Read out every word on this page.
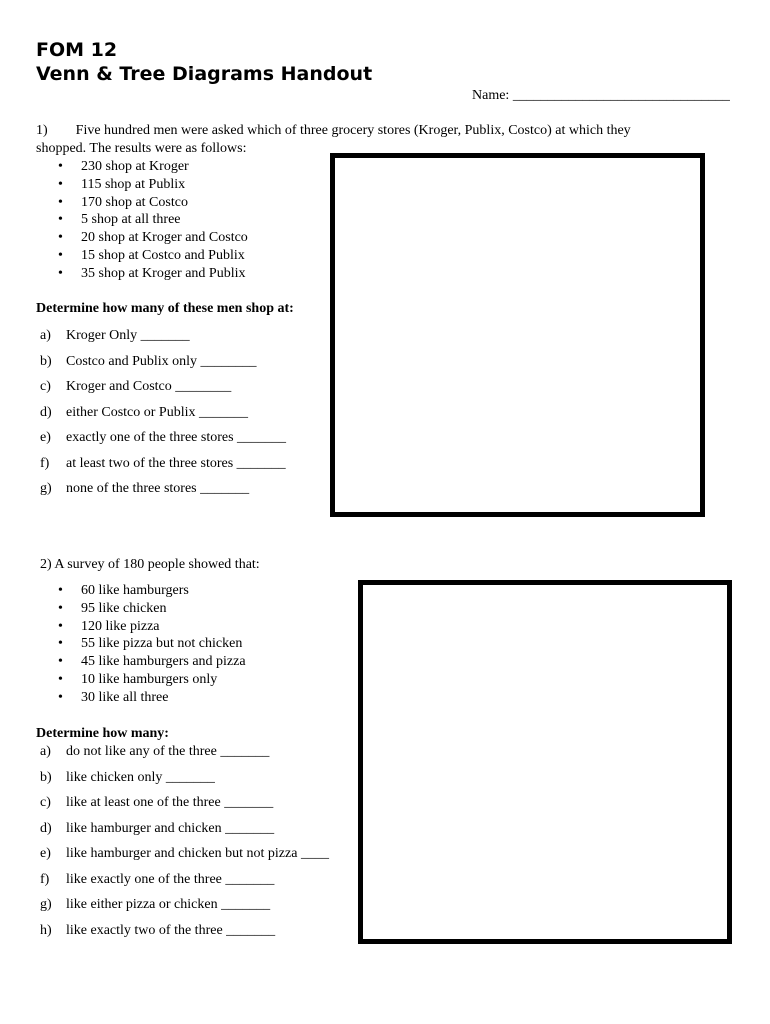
FOM 12
Venn & Tree Diagrams Handout
Name: _______________________________
1) Five hundred men were asked which of three grocery stores (Kroger, Publix, Costco) at which they
shopped. The results were as follows:
• 230 shop at Kroger
• 115 shop at Publix
• 170 shop at Costco
• 5 shop at all three
• 20 shop at Kroger and Costco
• 15 shop at Costco and Publix
• 35 shop at Kroger and Publix
Determine how many of these men shop at:
a) Kroger Only _______
b) Costco and Publix only ________
c) Kroger and Costco ________
d) either Costco or Publix _______
e) exactly one of the three stores _______
f) at least two of the three stores _______
g) none of the three stores _______
2) A survey of 180 people showed that:
• 60 like hamburgers
• 95 like chicken
• 120 like pizza
• 55 like pizza but not chicken
• 45 like hamburgers and pizza
• 10 like hamburgers only
• 30 like all three
Determine how many:
a) do not like any of the three _______
b) like chicken only _______
c) like at least one of the three _______
d) like hamburger and chicken _______
e) like hamburger and chicken but not pizza ____
f) like exactly one of the three _______
g) like either pizza or chicken _______
h) like exactly two of the three _______
